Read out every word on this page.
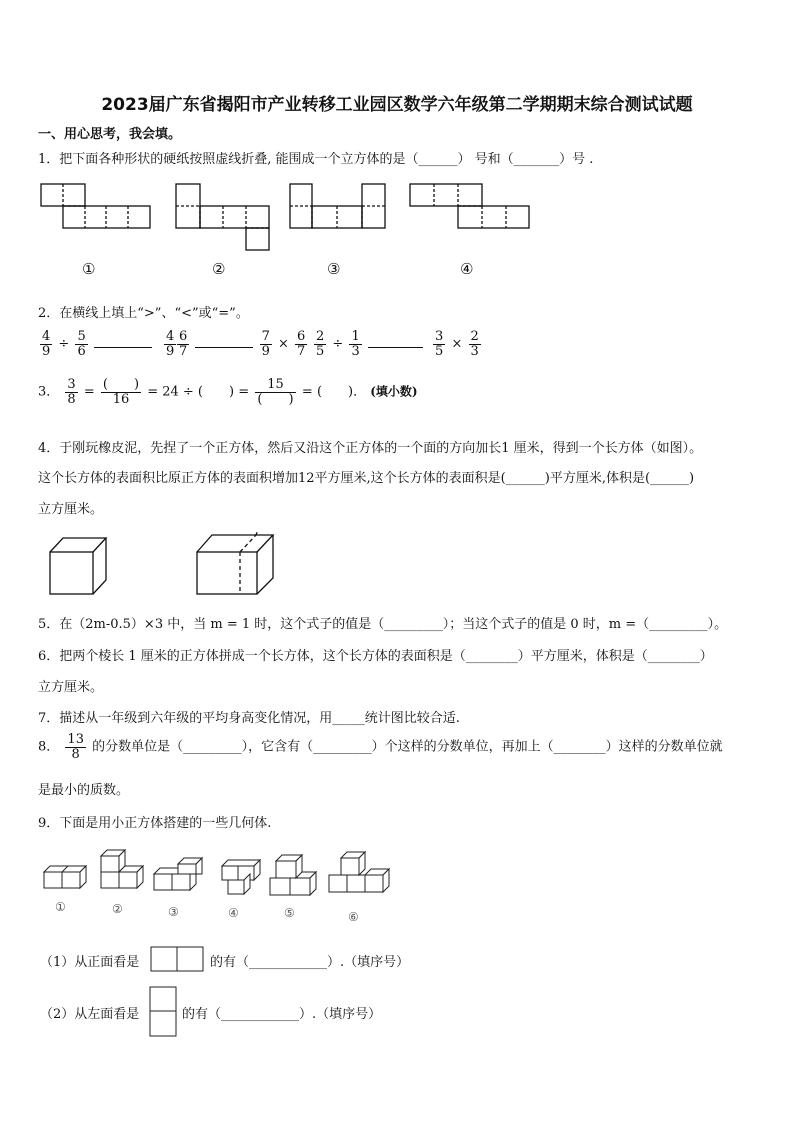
2023届广东省揭阳市产业转移工业园区数学六年级第二学期期末综合测试试题
一、用心思考，我会填。
1．把下面各种形状的硬纸按照虚线折叠, 能围成一个立方体的是（______） 号和（_______）号 .
①	②	③	④
2．在横线上填上“>”、“<”或“=”。
$\frac{4}{9} \div \frac{5}{6}$
	$\frac{4}{9} \frac{6}{7}$
	$\frac{7}{9} \times \frac{6}{7} \frac{2}{5} \div \frac{1}{3}$
	$\frac{3}{5} \times \frac{2}{3}$
3． $\frac{3}{8} = \frac{( )}{16} = 24$ ÷ (　　) = $\frac{15}{( )}$ = (　　)． (填小数)
4．于刚玩橡皮泥，先捏了一个正方体，然后又沿这个正方体的一个面的方向加长1 厘米，得到一个长方体（如图）。
这个长方体的表面积比原正方体的表面积增加12平方厘米,这个长方体的表面积是(______)平方厘米,体积是(______)
立方厘米。
5．在（2m-0.5）×3 中，当 m = 1 时，这个式子的值是（_________）；当这个式子的值是 0 时，m =（_________）。
6．把两个棱长 1 厘米的正方体拼成一个长方体，这个长方体的表面积是（________）平方厘米，体积是（________）
立方厘米。
7．描述从一年级到六年级的平均身高变化情况，用_____统计图比较合适.
8． $\frac{13}{8}$ 的分数单位是（_________），它含有（_________）个这样的分数单位，再加上（________）这样的分数单位就
是最小的质数。
9．下面是用小正方体搭建的一些几何体.
①	②	③	④	⑤	⑥
（1）从正面看是	的有（____________）.（填序号）
（2）从左面看是	的有（____________）.（填序号）
